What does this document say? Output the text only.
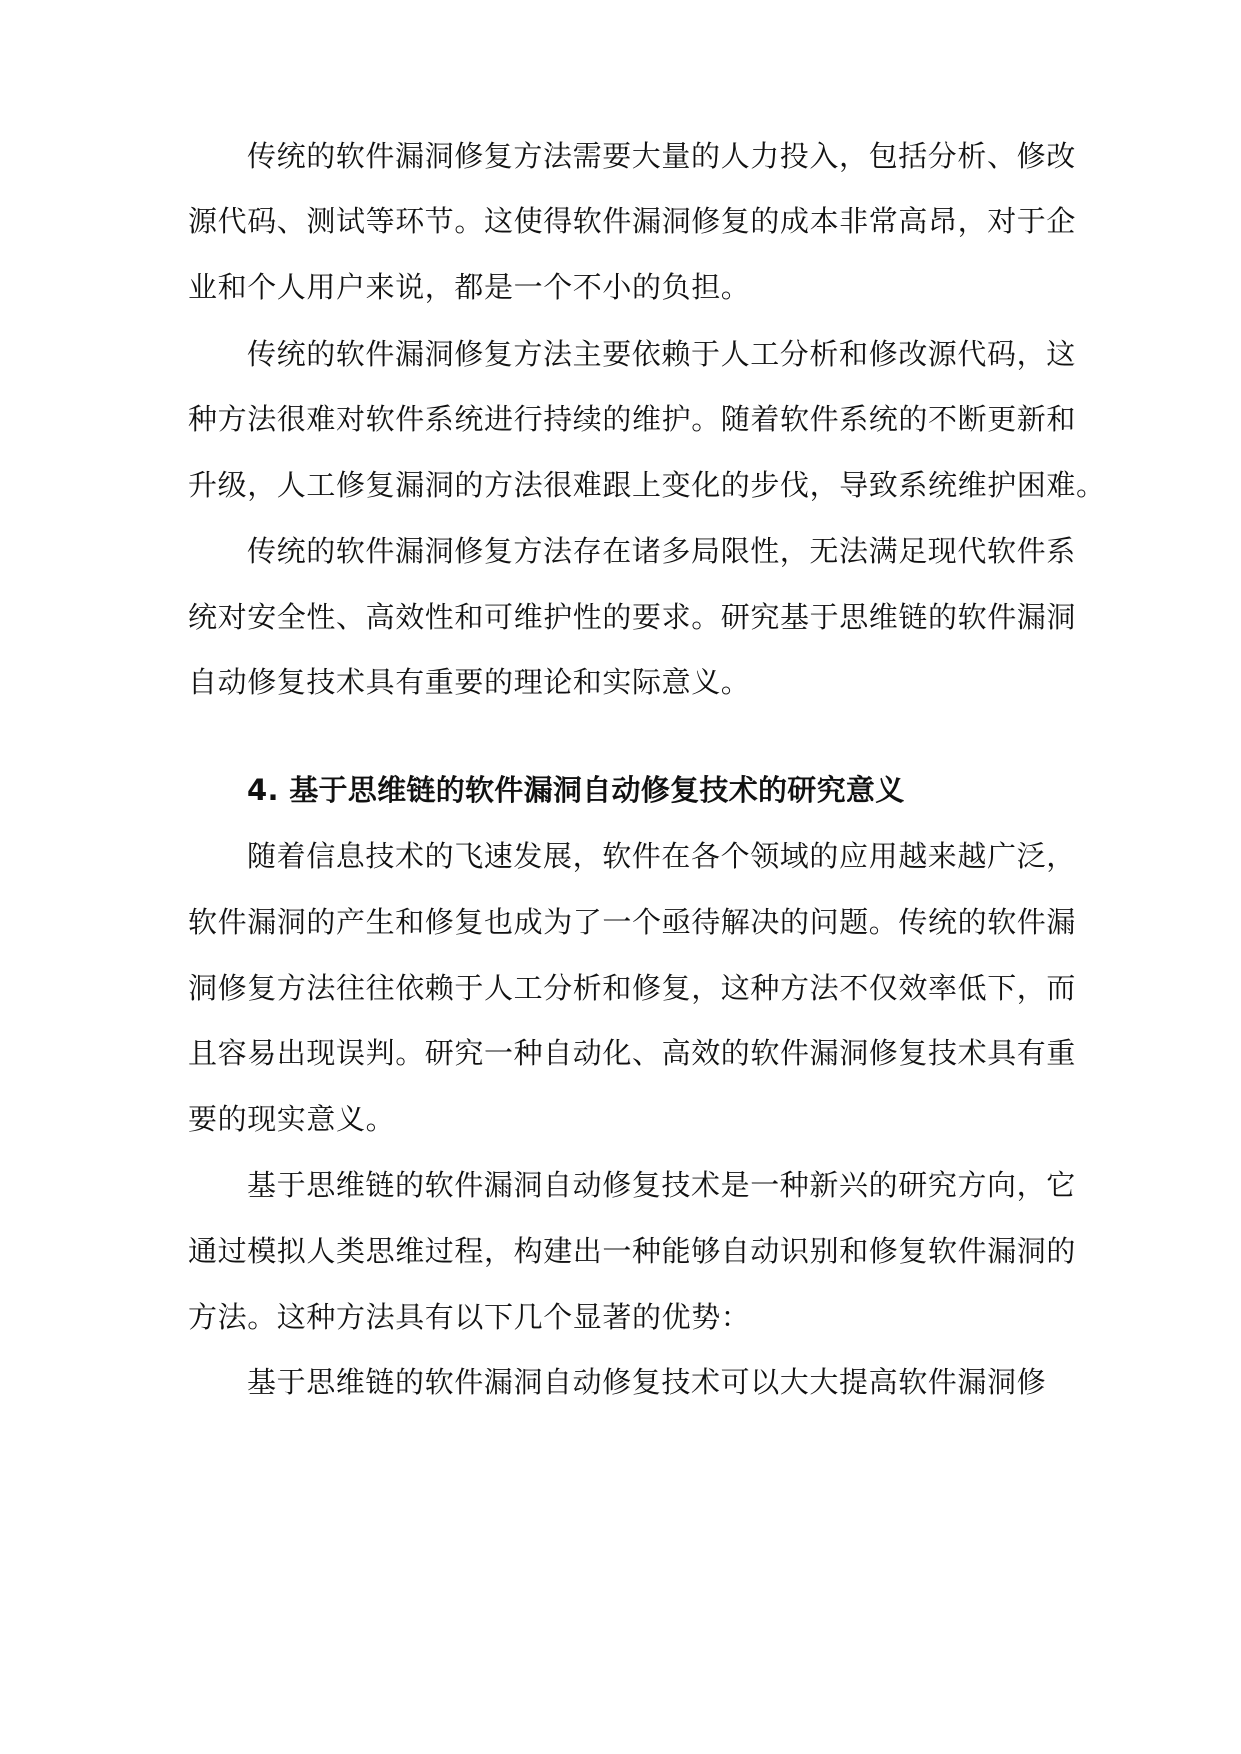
传统的软件漏洞修复方法需要大量的人力投入，包括分析、修改
源代码、测试等环节。这使得软件漏洞修复的成本非常高昂，对于企
业和个人用户来说，都是一个不小的负担。
传统的软件漏洞修复方法主要依赖于人工分析和修改源代码，这
种方法很难对软件系统进行持续的维护。随着软件系统的不断更新和
升级，人工修复漏洞的方法很难跟上变化的步伐，导致系统维护困难。
传统的软件漏洞修复方法存在诸多局限性，无法满足现代软件系
统对安全性、高效性和可维护性的要求。研究基于思维链的软件漏洞
自动修复技术具有重要的理论和实际意义。
4. 基于思维链的软件漏洞自动修复技术的研究意义
随着信息技术的飞速发展，软件在各个领域的应用越来越广泛，
软件漏洞的产生和修复也成为了一个亟待解决的问题。传统的软件漏
洞修复方法往往依赖于人工分析和修复，这种方法不仅效率低下，而
且容易出现误判。研究一种自动化、高效的软件漏洞修复技术具有重
要的现实意义。
基于思维链的软件漏洞自动修复技术是一种新兴的研究方向，它
通过模拟人类思维过程，构建出一种能够自动识别和修复软件漏洞的
方法。这种方法具有以下几个显著的优势：
基于思维链的软件漏洞自动修复技术可以大大提高软件漏洞修
